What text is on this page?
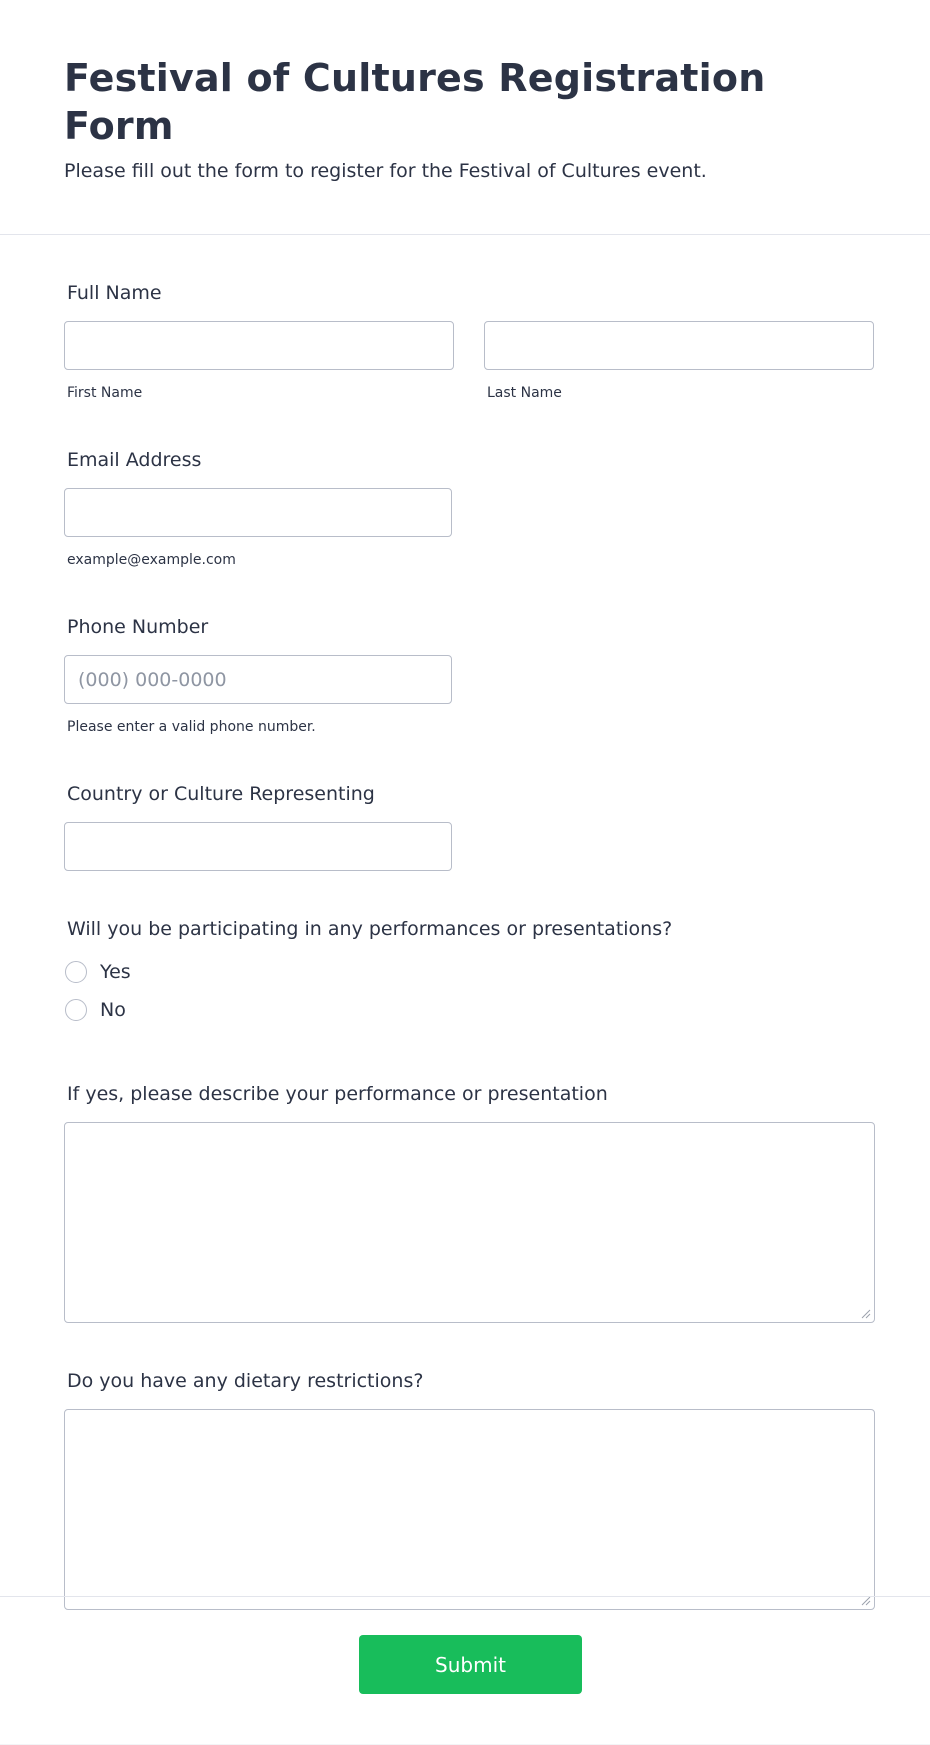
Festival of Cultures Registration Form

Please fill out the form to register for the Festival of Cultures event.

Full Name
First Name	Last Name
Email Address
example@example.com
Phone Number
(000) 000-0000
Please enter a valid phone number.
Country or Culture Representing
Will you be participating in any performances or presentations?
Yes
No
If yes, please describe your performance or presentation
Do you have any dietary restrictions?
Submit
